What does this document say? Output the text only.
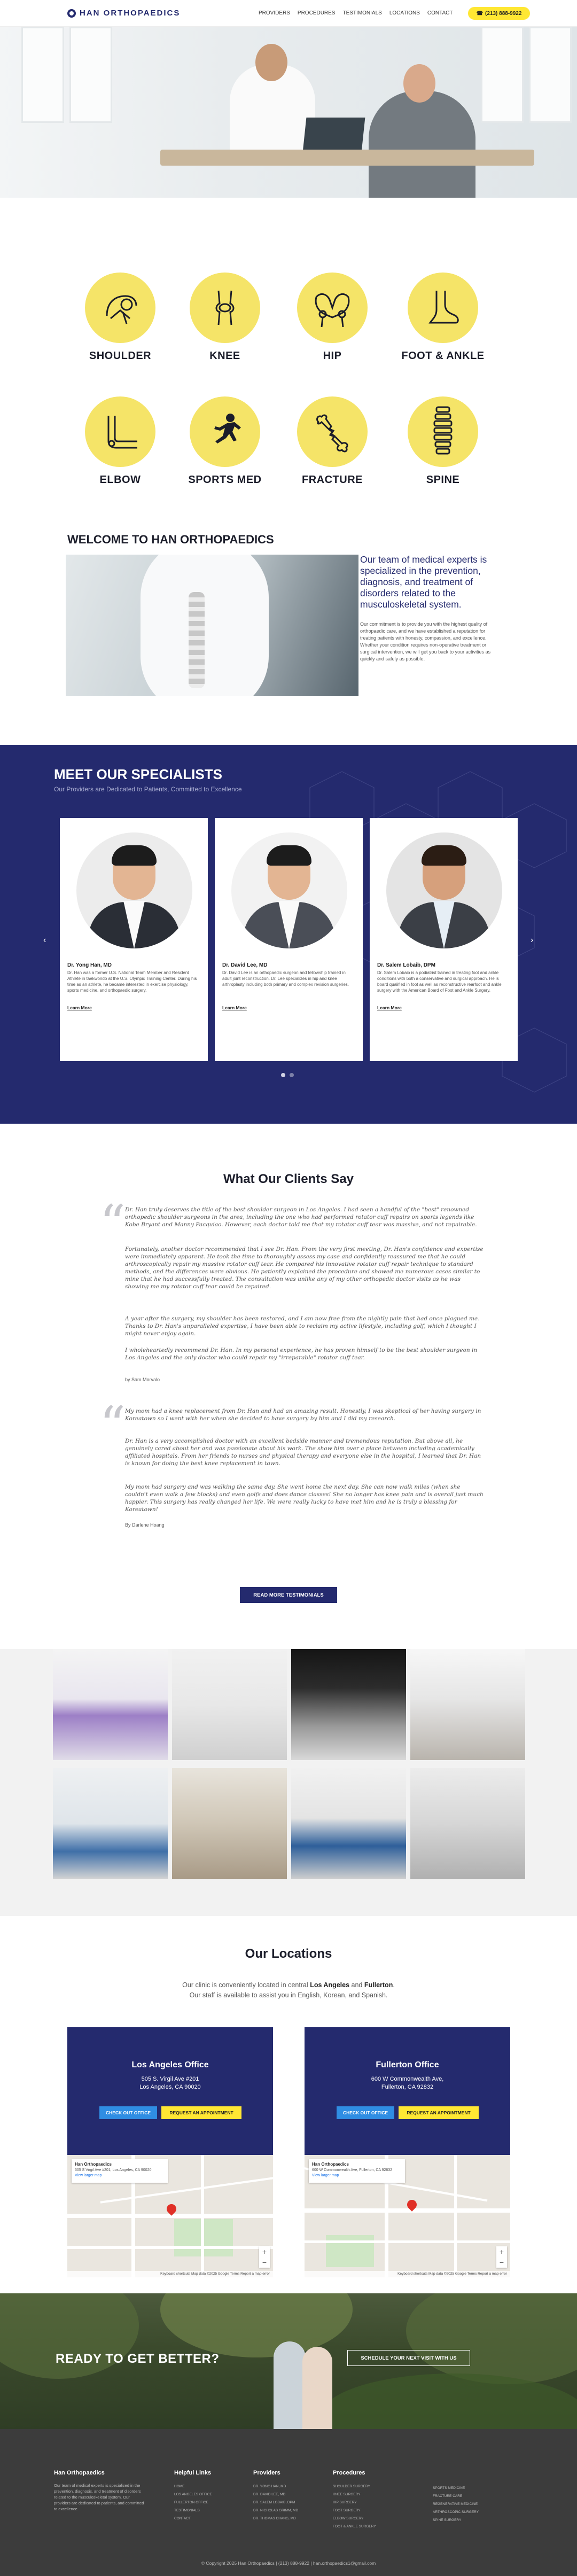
HAN ORTHOPAEDICS	PROVIDERS PROCEDURES TESTIMONIALS LOCATIONS CONTACT	☎ (213) 888-9922
SHOULDER	KNEE	HIP	FOOT & ANKLE
ELBOW	SPORTS MED	FRACTURE	SPINE
WELCOME TO HAN ORTHOPAEDICS
Our team of medical experts is specialized in the prevention, diagnosis, and treatment of disorders related to the musculoskeletal system.
Our commitment is to provide you with the highest quality of orthopaedic care, and we have established a reputation for treating patients with honesty, compassion, and excellence. Whether your condition requires non-operative treatment or surgical intervention, we will get you back to your activities as quickly and safely as possible.
MEET OUR SPECIALISTS
Our Providers are Dedicated to Patients, Committed to Excellence
‹	›
Dr. Yong Han, MD
Dr. Han was a former U.S. National Team Member and Resident Athlete in taekwondo at the U.S. Olympic Training Center. During his time as an athlete, he became interested in exercise physiology, sports medicine, and orthopaedic surgery.
Learn More
Dr. David Lee, MD
Dr. David Lee is an orthopaedic surgeon and fellowship trained in adult joint reconstruction. Dr. Lee specializes in hip and knee arthroplasty including both primary and complex revision surgeries.
Learn More
Dr. Salem Lobaib, DPM
Dr. Salem Lobaib is a podiatrist trained in treating foot and ankle conditions with both a conservative and surgical approach. He is board qualified in foot as well as reconstructive rearfoot and ankle surgery with the American Board of Foot and Ankle Surgery.
Learn More
What Our Clients Say
“
Dr. Han truly deserves the title of the best shoulder surgeon in Los Angeles. I had seen a handful of the "best" renowned orthopedic shoulder surgeons in the area, including the one who had performed rotator cuff repairs on sports legends like Kobe Bryant and Manny Pacquiao. However, each doctor told me that my rotator cuff tear was massive, and not repairable.
Fortunately, another doctor recommended that I see Dr. Han. From the very first meeting, Dr. Han's confidence and expertise were immediately apparent. He took the time to thoroughly assess my case and confidently reassured me that he could arthroscopically repair my massive rotator cuff tear. He compared his innovative rotator cuff repair technique to standard methods, and the differences were obvious. He patiently explained the procedure and showed me numerous cases similar to mine that he had successfully treated. The consultation was unlike any of my other orthopedic doctor visits as he was showing me my rotator cuff tear could be repaired.
A year after the surgery, my shoulder has been restored, and I am now free from the nightly pain that had once plagued me. Thanks to Dr. Han's unparalleled expertise, I have been able to reclaim my active lifestyle, including golf, which I thought I might never enjoy again.
I wholeheartedly recommend Dr. Han. In my personal experience, he has proven himself to be the best shoulder surgeon in Los Angeles and the only doctor who could repair my "irreparable" rotator cuff tear.
by Sam Morvalo
“
My mom had a knee replacement from Dr. Han and had an amazing result. Honestly, I was skeptical of her having surgery in Koreatown so I went with her when she decided to have surgery by him and I did my research.
Dr. Han is a very accomplished doctor with an excellent bedside manner and tremendous reputation. But above all, he genuinely cared about her and was passionate about his work. The show him over a place between including academically affiliated hospitals. From her friends to nurses and physical therapy and everyone else in the hospital, I learned that Dr. Han is known for doing the best knee replacement in town.
My mom had surgery and was walking the same day. She went home the next day. She can now walk miles (when she couldn't even walk a few blocks) and even golfs and does dance classes! She no longer has knee pain and is overall just much happier. This surgery has really changed her life. We were really lucky to have met him and he is truly a blessing for Koreatown!
By Darlene Hoang
READ MORE TESTIMONIALS
Our Locations
Our clinic is conveniently located in central Los Angeles and Fullerton.
Our staff is available to assist you in English, Korean, and Spanish.
Los Angeles Office
505 S. Virgil Ave #201
Los Angeles, CA 90020
CHECK OUT OFFICE	REQUEST AN APPOINTMENT
Han Orthopaedics
505 S Virgil Ave #201, Los Angeles, CA 90020
View larger map
+
−
Keyboard shortcuts Map data ©2025 Google Terms Report a map error
Fullerton Office
600 W Commonwealth Ave,
Fullerton, CA 92832
CHECK OUT OFFICE	REQUEST AN APPOINTMENT
Han Orthopaedics
600 W Commonwealth Ave, Fullerton, CA 92832
View larger map
+
−
Keyboard shortcuts Map data ©2025 Google Terms Report a map error
READY TO GET BETTER?	SCHEDULE YOUR NEXT VISIT WITH US
Han Orthopaedics
Our team of medical experts is specialized in the prevention, diagnosis, and treatment of disorders related to the musculoskeletal system. Our providers are dedicated to patients, and committed to excellence.
Helpful Links
HOME
LOS ANGELES OFFICE
FULLERTON OFFICE
TESTIMONIALS
CONTACT
Providers
DR. YONG HAN, MD
DR. DAVID LEE, MD
DR. SALEM LOBAIB, DPM
DR. NICHOLAS GRIMM, MD
DR. THOMAS CHANG, MD
Procedures
SHOULDER SURGERY
KNEE SURGERY
HIP SURGERY
FOOT SURGERY
ELBOW SURGERY
FOOT & ANKLE SURGERY
SPORTS MEDICINE
FRACTURE CARE
REGENERATIVE MEDICINE
ARTHROSCOPIC SURGERY
SPINE SURGERY
© Copyright 2025 Han Orthopaedics | (213) 888-9922 | han.orthopaedics1@gmail.com
